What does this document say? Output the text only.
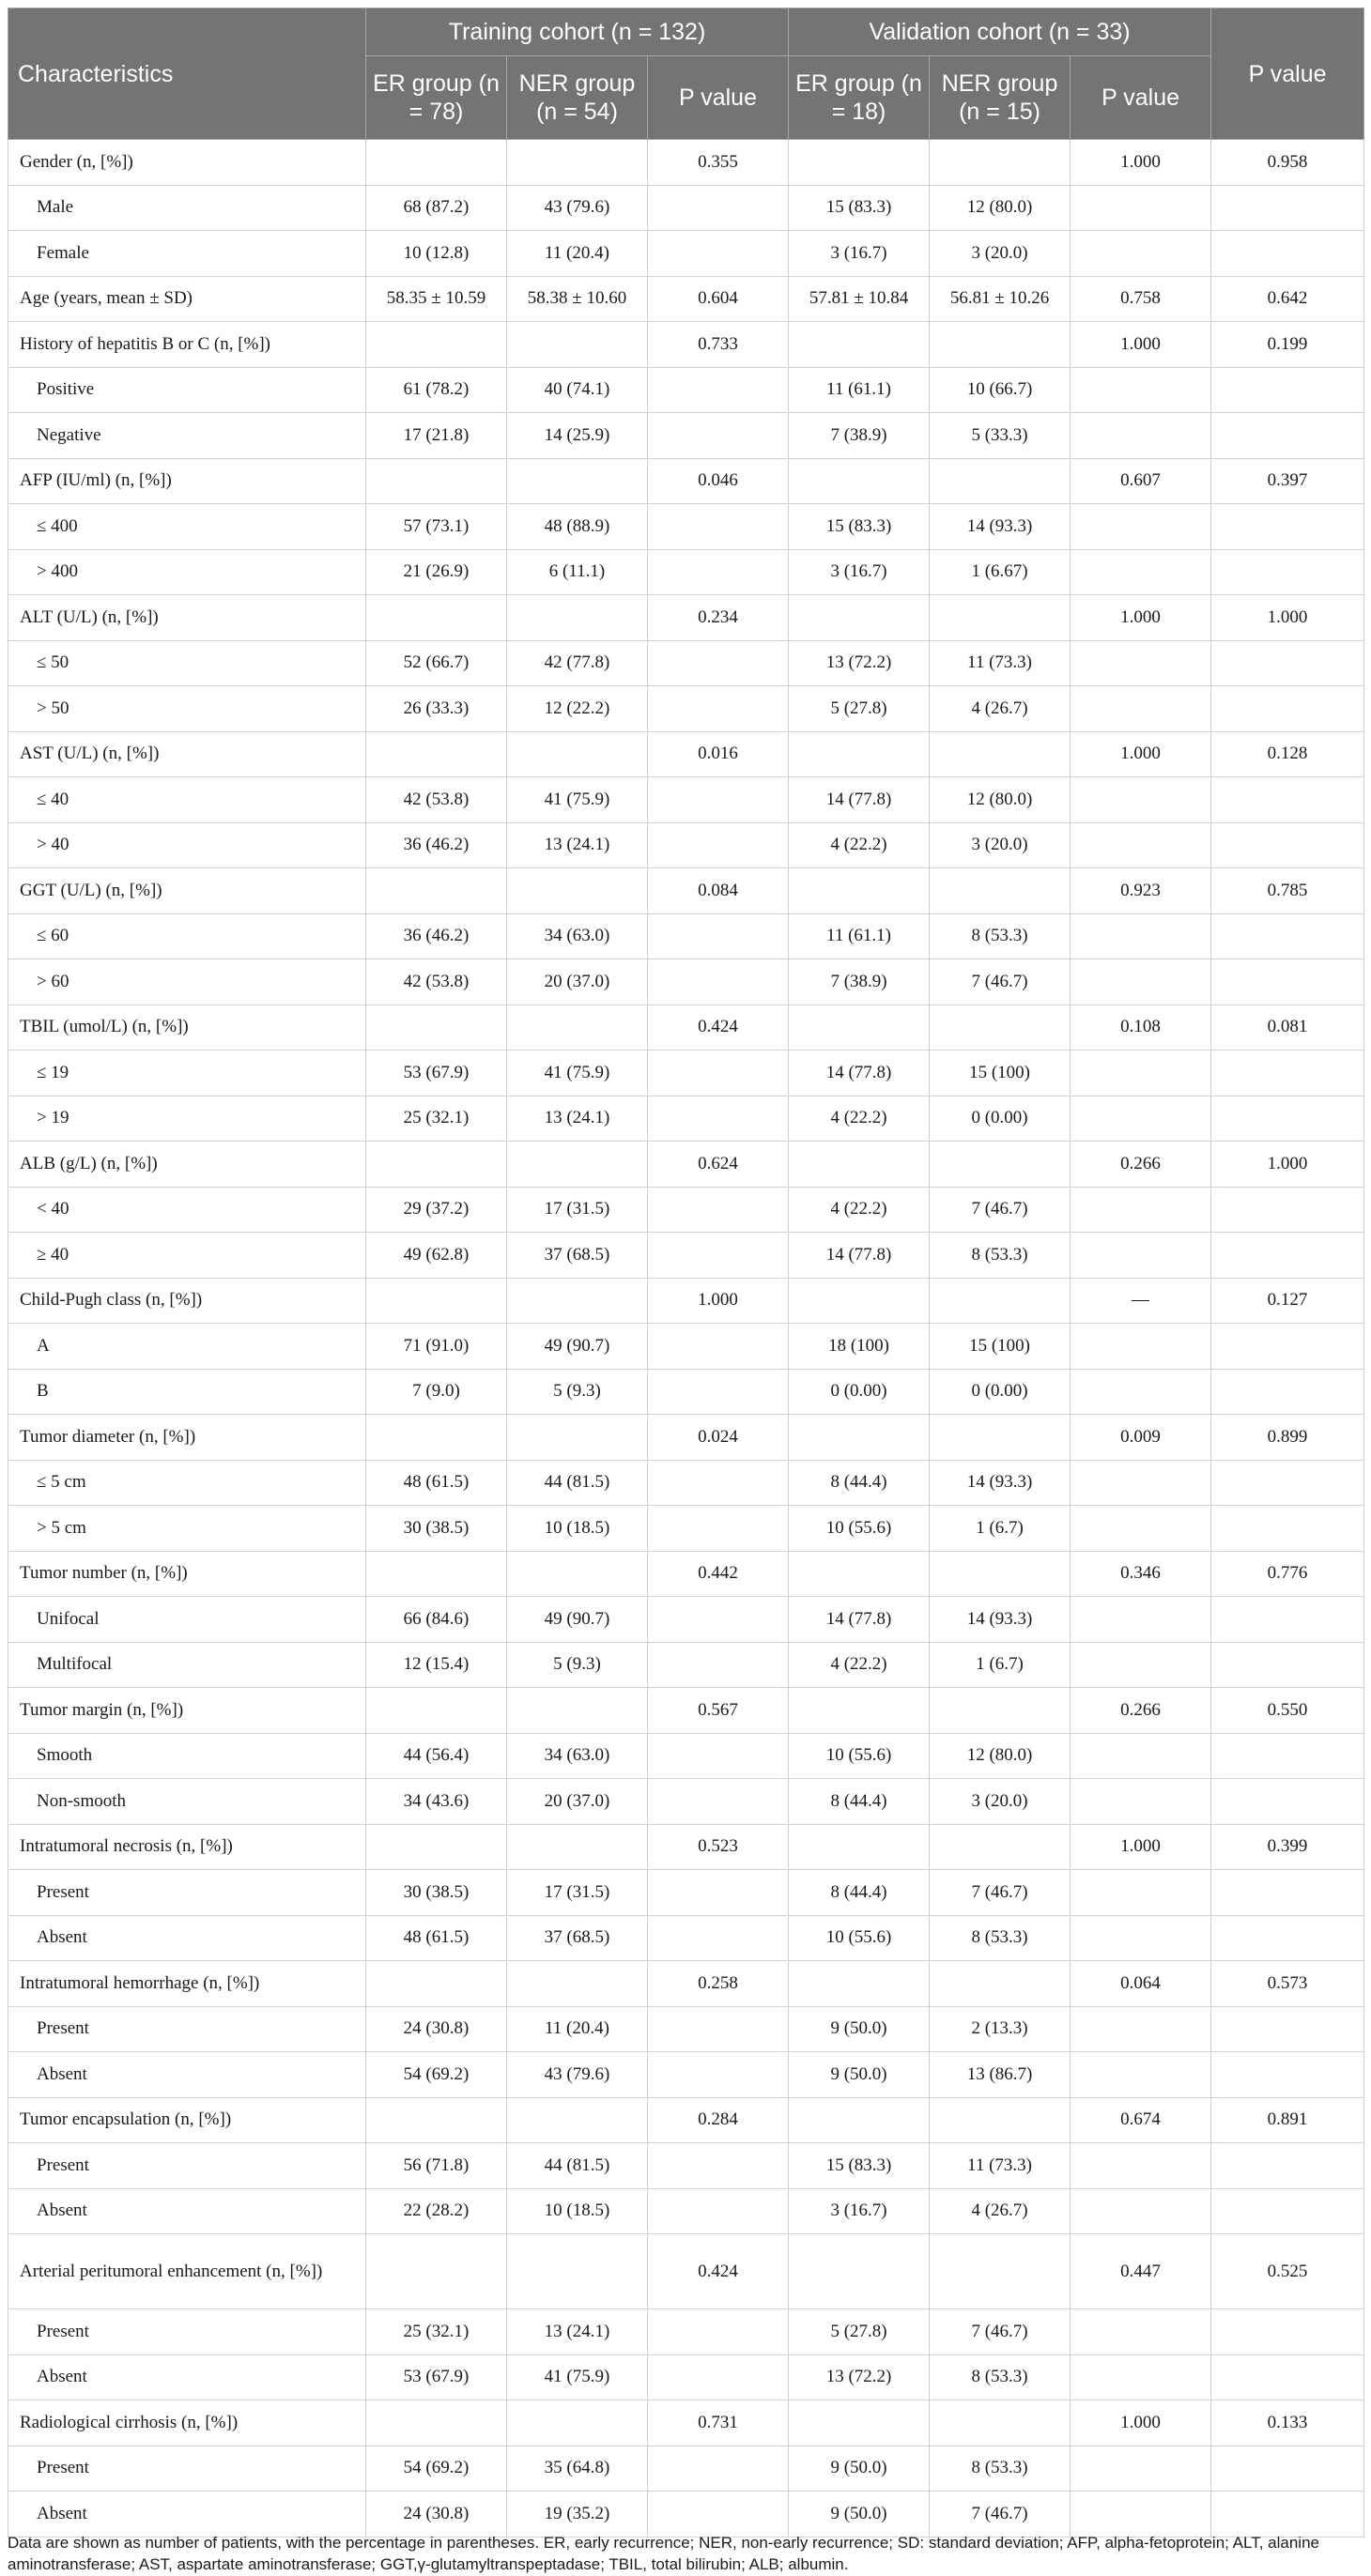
Characteristics	Training cohort (n = 132)			Validation cohort (n = 33)			P value
	ER group (n = 78)	NER group (n = 54)	P value	ER group (n = 18)	NER group (n = 15)	P value	
Gender (n, [%])			0.355			1.000	0.958
Male	68 (87.2)	43 (79.6)		15 (83.3)	12 (80.0)		
Female	10 (12.8)	11 (20.4)		3 (16.7)	3 (20.0)		
Age (years, mean ± SD)	58.35 ± 10.59	58.38 ± 10.60	0.604	57.81 ± 10.84	56.81 ± 10.26	0.758	0.642
History of hepatitis B or C (n, [%])			0.733			1.000	0.199
Positive	61 (78.2)	40 (74.1)		11 (61.1)	10 (66.7)		
Negative	17 (21.8)	14 (25.9)		7 (38.9)	5 (33.3)		
AFP (IU/ml) (n, [%])			0.046			0.607	0.397
≤ 400	57 (73.1)	48 (88.9)		15 (83.3)	14 (93.3)		
> 400	21 (26.9)	6 (11.1)		3 (16.7)	1 (6.67)		
ALT (U/L) (n, [%])			0.234			1.000	1.000
≤ 50	52 (66.7)	42 (77.8)		13 (72.2)	11 (73.3)		
> 50	26 (33.3)	12 (22.2)		5 (27.8)	4 (26.7)		
AST (U/L) (n, [%])			0.016			1.000	0.128
≤ 40	42 (53.8)	41 (75.9)		14 (77.8)	12 (80.0)		
> 40	36 (46.2)	13 (24.1)		4 (22.2)	3 (20.0)		
GGT (U/L) (n, [%])			0.084			0.923	0.785
≤ 60	36 (46.2)	34 (63.0)		11 (61.1)	8 (53.3)		
> 60	42 (53.8)	20 (37.0)		7 (38.9)	7 (46.7)		
TBIL (umol/L) (n, [%])			0.424			0.108	0.081
≤ 19	53 (67.9)	41 (75.9)		14 (77.8)	15 (100)		
> 19	25 (32.1)	13 (24.1)		4 (22.2)	0 (0.00)		
ALB (g/L) (n, [%])			0.624			0.266	1.000
< 40	29 (37.2)	17 (31.5)		4 (22.2)	7 (46.7)		
≥ 40	49 (62.8)	37 (68.5)		14 (77.8)	8 (53.3)		
Child-Pugh class (n, [%])			1.000			—	0.127
A	71 (91.0)	49 (90.7)		18 (100)	15 (100)		
B	7 (9.0)	5 (9.3)		0 (0.00)	0 (0.00)		
Tumor diameter (n, [%])			0.024			0.009	0.899
≤ 5 cm	48 (61.5)	44 (81.5)		8 (44.4)	14 (93.3)		
> 5 cm	30 (38.5)	10 (18.5)		10 (55.6)	1 (6.7)		
Tumor number (n, [%])			0.442			0.346	0.776
Unifocal	66 (84.6)	49 (90.7)		14 (77.8)	14 (93.3)		
Multifocal	12 (15.4)	5 (9.3)		4 (22.2)	1 (6.7)		
Tumor margin (n, [%])			0.567			0.266	0.550
Smooth	44 (56.4)	34 (63.0)		10 (55.6)	12 (80.0)		
Non-smooth	34 (43.6)	20 (37.0)		8 (44.4)	3 (20.0)		
Intratumoral necrosis (n, [%])			0.523			1.000	0.399
Present	30 (38.5)	17 (31.5)		8 (44.4)	7 (46.7)		
Absent	48 (61.5)	37 (68.5)		10 (55.6)	8 (53.3)		
Intratumoral hemorrhage (n, [%])			0.258			0.064	0.573
Present	24 (30.8)	11 (20.4)		9 (50.0)	2 (13.3)		
Absent	54 (69.2)	43 (79.6)		9 (50.0)	13 (86.7)		
Tumor encapsulation (n, [%])			0.284			0.674	0.891
Present	56 (71.8)	44 (81.5)		15 (83.3)	11 (73.3)		
Absent	22 (28.2)	10 (18.5)		3 (16.7)	4 (26.7)		
Arterial peritumoral enhancement (n, [%])			0.424			0.447	0.525
Present	25 (32.1)	13 (24.1)		5 (27.8)	7 (46.7)		
Absent	53 (67.9)	41 (75.9)		13 (72.2)	8 (53.3)		
Radiological cirrhosis (n, [%])			0.731			1.000	0.133
Present	54 (69.2)	35 (64.8)		9 (50.0)	8 (53.3)		
Absent	24 (30.8)	19 (35.2)		9 (50.0)	7 (46.7)		
Data are shown as number of patients, with the percentage in parentheses. ER, early recurrence; NER, non-early recurrence; SD: standard deviation; AFP, alpha-fetoprotein; ALT, alanine aminotransferase; AST, aspartate aminotransferase; GGT,γ-glutamyltranspeptadase; TBIL, total bilirubin; ALB; albumin.
